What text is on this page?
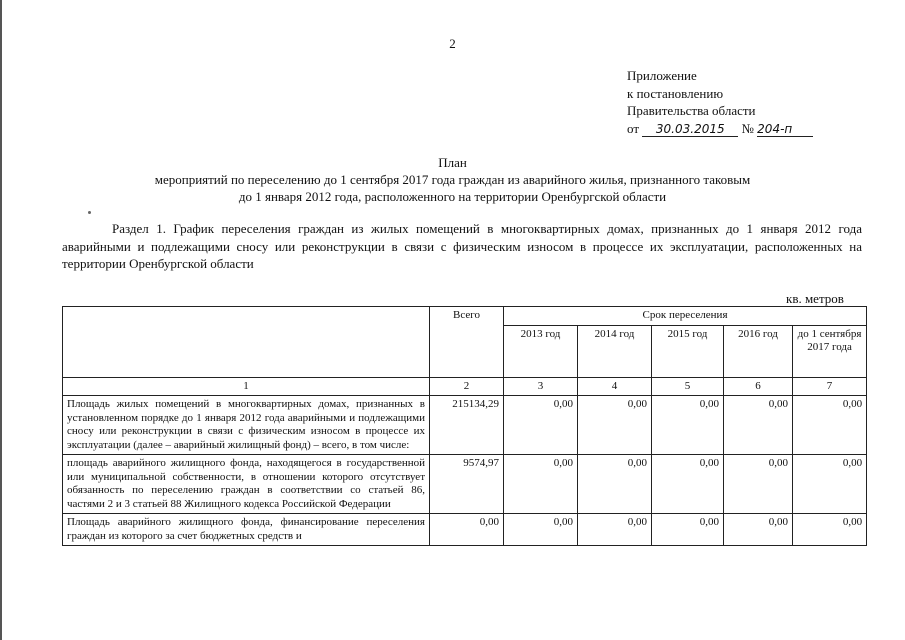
2
Приложение
к постановлению
Правительства области
от 30.03.2015 № 204-п
План
мероприятий по переселению до 1 сентября 2017 года граждан из аварийного жилья, признанного таковым
до 1 января 2012 года, расположенного на территории Оренбургской области
Раздел 1. График переселения граждан из жилых помещений в многоквартирных домах, признанных до 1 января 2012 года аварийными и подлежащими сносу или реконструкции в связи с физическим износом в процессе их эксплуатации, расположенных на территории Оренбургской области
кв. метров
	Всего	Срок переселения				
		2013 год	2014 год	2015 год	2016 год	до 1 сентября 2017 года
1	2	3	4	5	6	7
Площадь жилых помещений в многоквартирных домах, признанных в установленном порядке до 1 января 2012 года аварийными и подлежащими сносу или реконструкции в связи с физическим износом в процессе их эксплуатации (далее – аварийный жилищный фонд) – всего, в том числе:	215134,29	0,00	0,00	0,00	0,00	0,00
площадь аварийного жилищного фонда, находящегося в государственной или муниципальной собственности, в отношении которого отсутствует обязанность по переселению граждан в соответствии со статьей 86, частями 2 и 3 статьей 88 Жилищного кодекса Российской Федерации	9574,97	0,00	0,00	0,00	0,00	0,00
Площадь аварийного жилищного фонда, финансирование переселения граждан из которого за счет бюджетных средств и	0,00	0,00	0,00	0,00	0,00	0,00
